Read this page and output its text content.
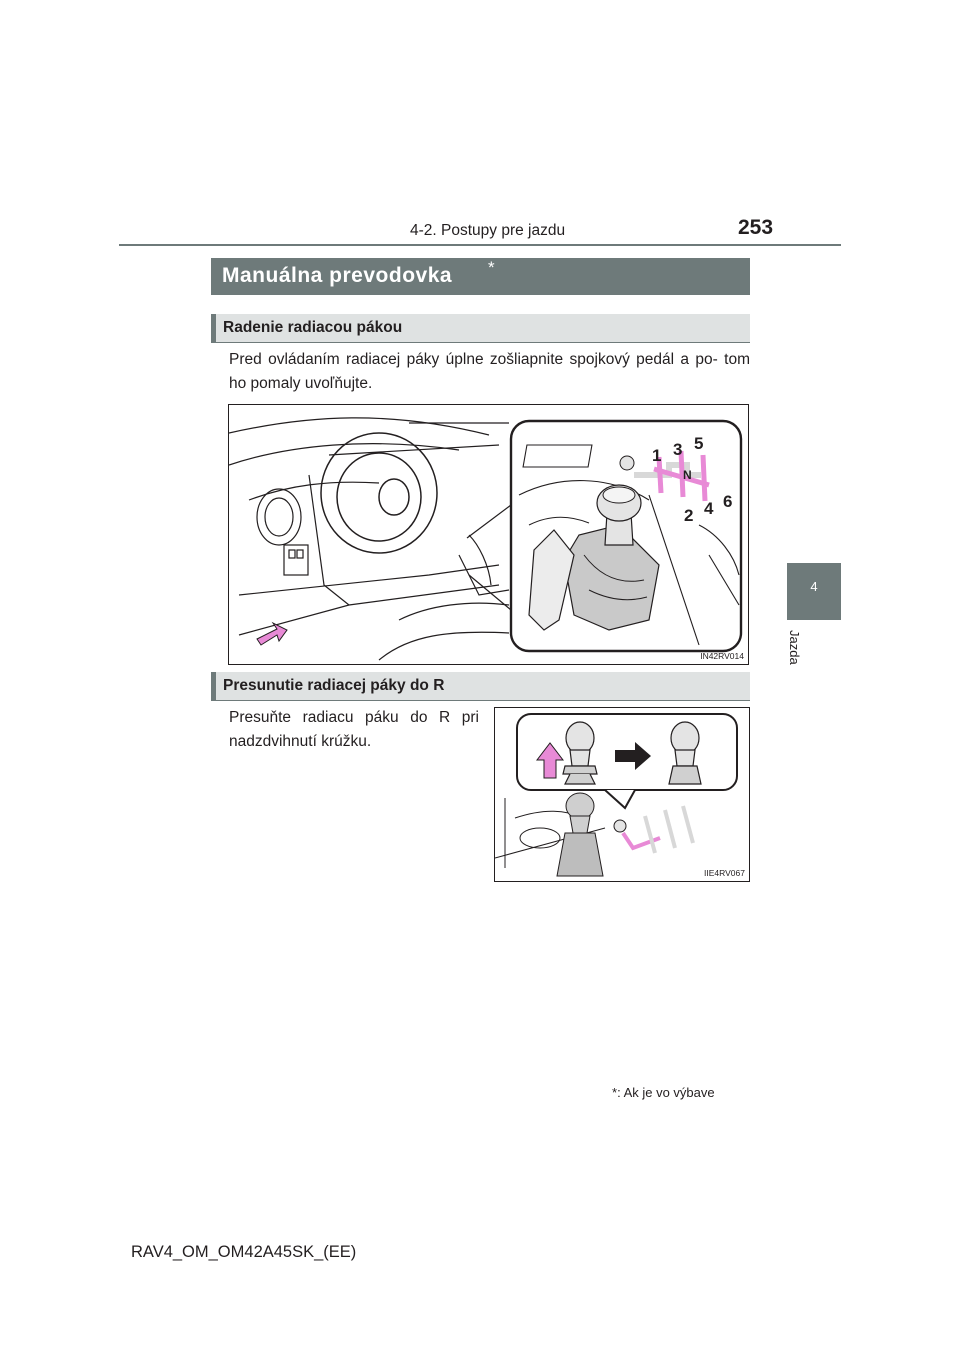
4-2. Postupy pre jazdu	253
4
Jazda
Manuálna prevodovka *
Radenie radiacou pákou
Pred ovládaním radiacej páky úplne zošliapnite spojkový pedál a po- tom ho pomaly uvoľňujte.
1 3 5
N
2 4 6
IN42RV014
Presunutie radiacej páky do R
Presuňte radiacu páku do R pri nadzdvihnutí krúžku.
IIE4RV067
*: Ak je vo výbave
RAV4_OM_OM42A45SK_(EE)
